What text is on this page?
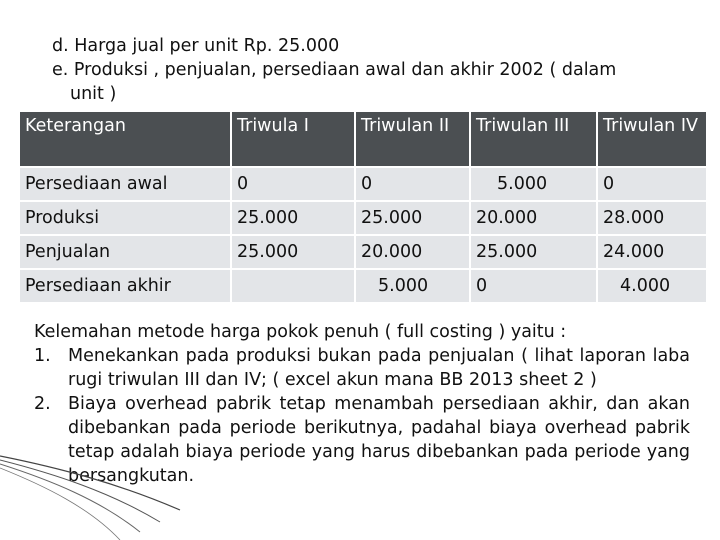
d. Harga jual per unit Rp. 25.000
e. Produksi , penjualan, persediaan awal dan akhir 2002 ( dalam
unit )
Keterangan	Triwula I	Triwulan II	Triwulan III	Triwulan IV
Persediaan awal	0	0	5.000	0
Produksi	25.000	25.000	20.000	28.000
Penjualan	25.000	20.000	25.000	24.000
Persediaan akhir		5.000	0	4.000
Kelemahan metode harga pokok penuh ( full costing ) yaitu :
1. Menekankan pada produksi bukan pada penjualan ( lihat laporan laba rugi triwulan III dan IV; ( excel akun mana BB 2013 sheet 2 )
2. Biaya overhead pabrik tetap menambah persediaan akhir, dan akan dibebankan pada periode berikutnya, padahal biaya overhead pabrik tetap adalah biaya periode yang harus dibebankan pada periode yang bersangkutan.
